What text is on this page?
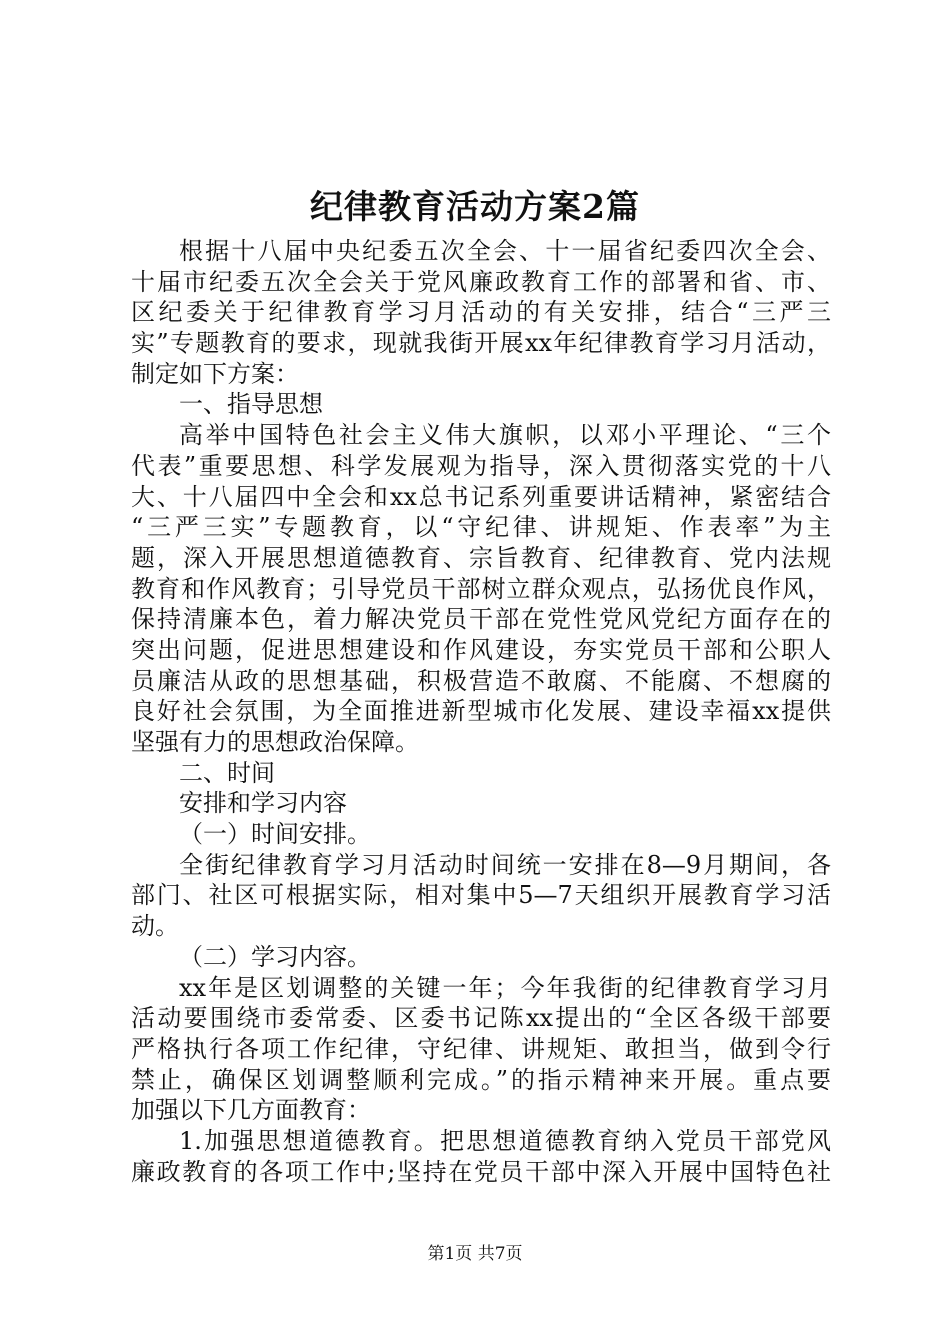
纪律教育活动方案2篇
根据十八届中央纪委五次全会、十一届省纪委四次全会、
十届市纪委五次全会关于党风廉政教育工作的部署和省、市、
区纪委关于纪律教育学习月活动的有关安排，结合“三严三
实”专题教育的要求，现就我街开展xx年纪律教育学习月活动，
制定如下方案：
一、指导思想
高举中国特色社会主义伟大旗帜，以邓小平理论、“三个
代表”重要思想、科学发展观为指导，深入贯彻落实党的十八
大、十八届四中全会和xx总书记系列重要讲话精神，紧密结合
“三严三实”专题教育，以“守纪律、讲规矩、作表率”为主
题，深入开展思想道德教育、宗旨教育、纪律教育、党内法规
教育和作风教育；引导党员干部树立群众观点，弘扬优良作风，
保持清廉本色，着力解决党员干部在党性党风党纪方面存在的
突出问题，促进思想建设和作风建设，夯实党员干部和公职人
员廉洁从政的思想基础，积极营造不敢腐、不能腐、不想腐的
良好社会氛围，为全面推进新型城市化发展、建设幸福xx提供
坚强有力的思想政治保障。
二、时间
安排和学习内容
（一）时间安排。
全街纪律教育学习月活动时间统一安排在8—9月期间，各
部门、社区可根据实际，相对集中5—7天组织开展教育学习活
动。
（二）学习内容。
xx年是区划调整的关键一年；今年我街的纪律教育学习月
活动要围绕市委常委、区委书记陈xx提出的“全区各级干部要
严格执行各项工作纪律，守纪律、讲规矩、敢担当，做到令行
禁止，确保区划调整顺利完成。”的指示精神来开展。重点要
加强以下几方面教育：
1.加强思想道德教育。把思想道德教育纳入党员干部党风
廉政教育的各项工作中;坚持在党员干部中深入开展中国特色社
第1页 共7页
